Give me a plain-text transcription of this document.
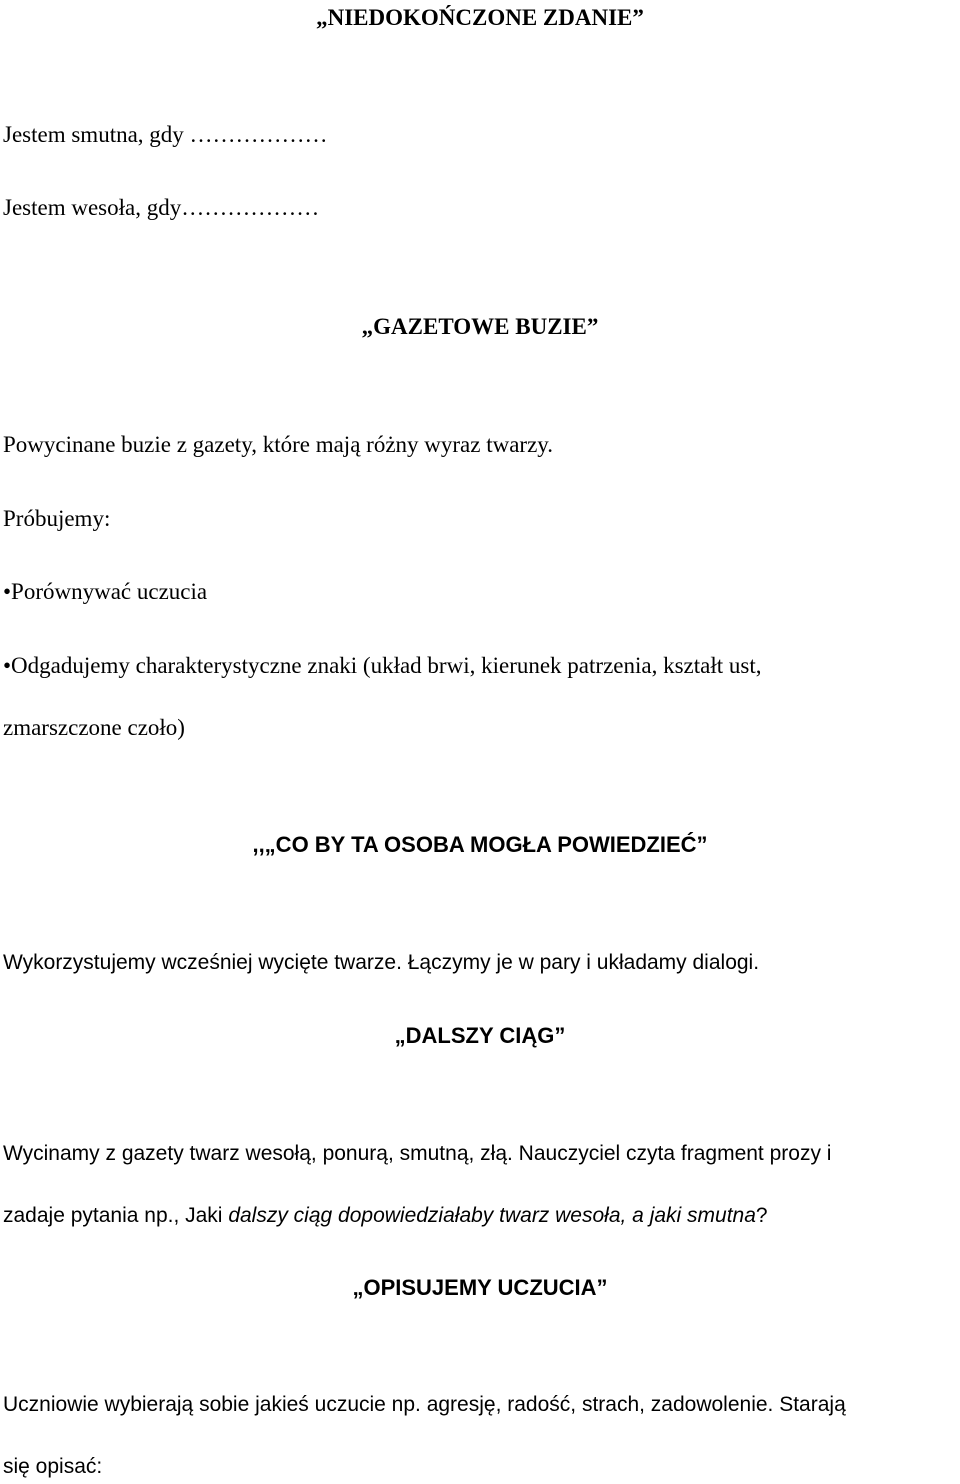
„NIEDOKOŃCZONE ZDANIE”
Jestem smutna, gdy ………………
Jestem wesoła, gdy………………
„GAZETOWE BUZIE”
Powycinane buzie z gazety, które mają różny wyraz twarzy.
Próbujemy:
•Porównywać uczucia
•Odgadujemy charakterystyczne znaki (układ brwi, kierunek patrzenia, kształt ust,
zmarszczone czoło)
,,„CO BY TA OSOBA MOGŁA POWIEDZIEĆ”
Wykorzystujemy wcześniej wycięte twarze. Łączymy je w pary i układamy dialogi.
„DALSZY CIĄG”
Wycinamy z gazety twarz wesołą, ponurą, smutną, złą. Nauczyciel czyta fragment prozy i
zadaje pytania np., Jaki dalszy ciąg dopowiedziałaby twarz wesoła, a jaki smutna?
„OPISUJEMY UCZUCIA”
Uczniowie wybierają sobie jakieś uczucie np. agresję, radość, strach, zadowolenie. Starają
się opisać:
